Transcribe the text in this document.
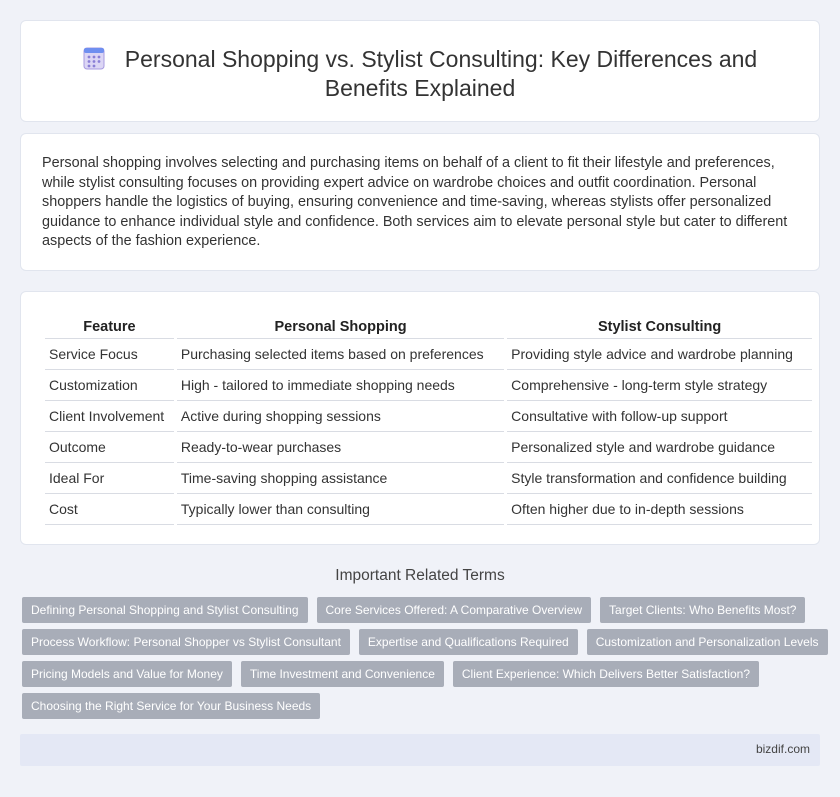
Personal Shopping vs. Stylist Consulting: Key Differences and Benefits Explained

Personal shopping involves selecting and purchasing items on behalf of a client to fit their lifestyle and preferences, while stylist consulting focuses on providing expert advice on wardrobe choices and outfit coordination. Personal shoppers handle the logistics of buying, ensuring convenience and time-saving, whereas stylists offer personalized guidance to enhance individual style and confidence. Both services aim to elevate personal style but cater to different aspects of the fashion experience.

Feature	Personal Shopping	Stylist Consulting
Service Focus	Purchasing selected items based on preferences	Providing style advice and wardrobe planning
Customization	High - tailored to immediate shopping needs	Comprehensive - long-term style strategy
Client Involvement	Active during shopping sessions	Consultative with follow-up support
Outcome	Ready-to-wear purchases	Personalized style and wardrobe guidance
Ideal For	Time-saving shopping assistance	Style transformation and confidence building
Cost	Typically lower than consulting	Often higher due to in-depth sessions
Important Related Terms
Defining Personal Shopping and Stylist Consulting Core Services Offered: A Comparative Overview Target Clients: Who Benefits Most?
Process Workflow: Personal Shopper vs Stylist Consultant Expertise and Qualifications Required Customization and Personalization Levels
Pricing Models and Value for Money Time Investment and Convenience Client Experience: Which Delivers Better Satisfaction?
Choosing the Right Service for Your Business Needs
bizdif.com
